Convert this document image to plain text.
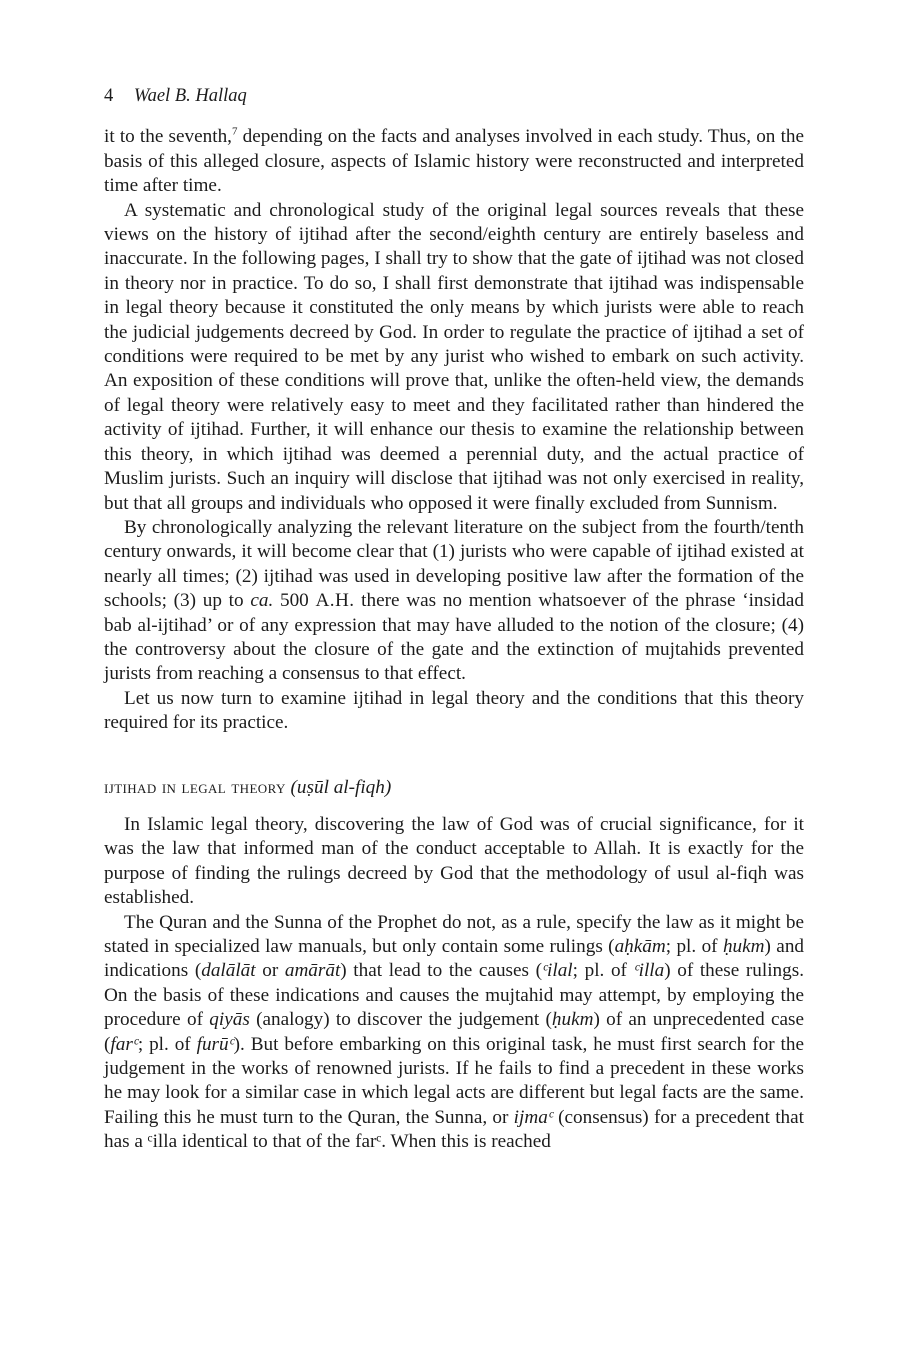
4 Wael B. Hallaq

it to the seventh,$^7$ depending on the facts and analyses involved in each study. Thus, on the basis of this alleged closure, aspects of Islamic history were reconstructed and interpreted time after time.

A systematic and chronological study of the original legal sources reveals that these views on the history of ijtihad after the second/eighth century are entirely baseless and inaccurate. In the following pages, I shall try to show that the gate of ijtihad was not closed in theory nor in practice. To do so, I shall first demonstrate that ijtihad was indispensable in legal theory because it constituted the only means by which jurists were able to reach the judicial judgements decreed by God. In order to regulate the practice of ijtihad a set of conditions were required to be met by any jurist who wished to embark on such activity. An exposition of these conditions will prove that, unlike the often-held view, the demands of legal theory were relatively easy to meet and they facilitated rather than hindered the activity of ijtihad. Further, it will enhance our thesis to examine the relationship between this theory, in which ijtihad was deemed a perennial duty, and the actual practice of Muslim jurists. Such an inquiry will disclose that ijtihad was not only exercised in reality, but that all groups and individuals who opposed it were finally excluded from Sunnism.

By chronologically analyzing the relevant literature on the subject from the fourth/tenth century onwards, it will become clear that (1) jurists who were capable of ijtihad existed at nearly all times; (2) ijtihad was used in developing positive law after the formation of the schools; (3) up to ca. 500 A.H. there was no mention whatsoever of the phrase ‘insidad bab al-ijtihad’ or of any expression that may have alluded to the notion of the closure; (4) the controversy about the closure of the gate and the extinction of mujtahids prevented jurists from reaching a consensus to that effect.

Let us now turn to examine ijtihad in legal theory and the conditions that this theory required for its practice.

ijtihad in legal theory (uṣūl al-fiqh)

In Islamic legal theory, discovering the law of God was of crucial significance, for it was the law that informed man of the conduct acceptable to Allah. It is exactly for the purpose of finding the rulings decreed by God that the methodology of usul al-fiqh was established.

The Quran and the Sunna of the Prophet do not, as a rule, specify the law as it might be stated in specialized law manuals, but only contain some rulings (aḥkām; pl. of ḥukm) and indications (dalālāt or amārāt) that lead to the causes (ᶜilal; pl. of ᶜilla) of these rulings. On the basis of these indications and causes the mujtahid may attempt, by employing the procedure of qiyās (analogy) to discover the judgement (ḥukm) of an unprecedented case (farᶜ; pl. of furūᶜ). But before embarking on this original task, he must first search for the judgement in the works of renowned jurists. If he fails to find a precedent in these works he may look for a similar case in which legal acts are different but legal facts are the same. Failing this he must turn to the Quran, the Sunna, or ijmaᶜ (consensus) for a precedent that has a ᶜilla identical to that of the farᶜ. When this is reached
